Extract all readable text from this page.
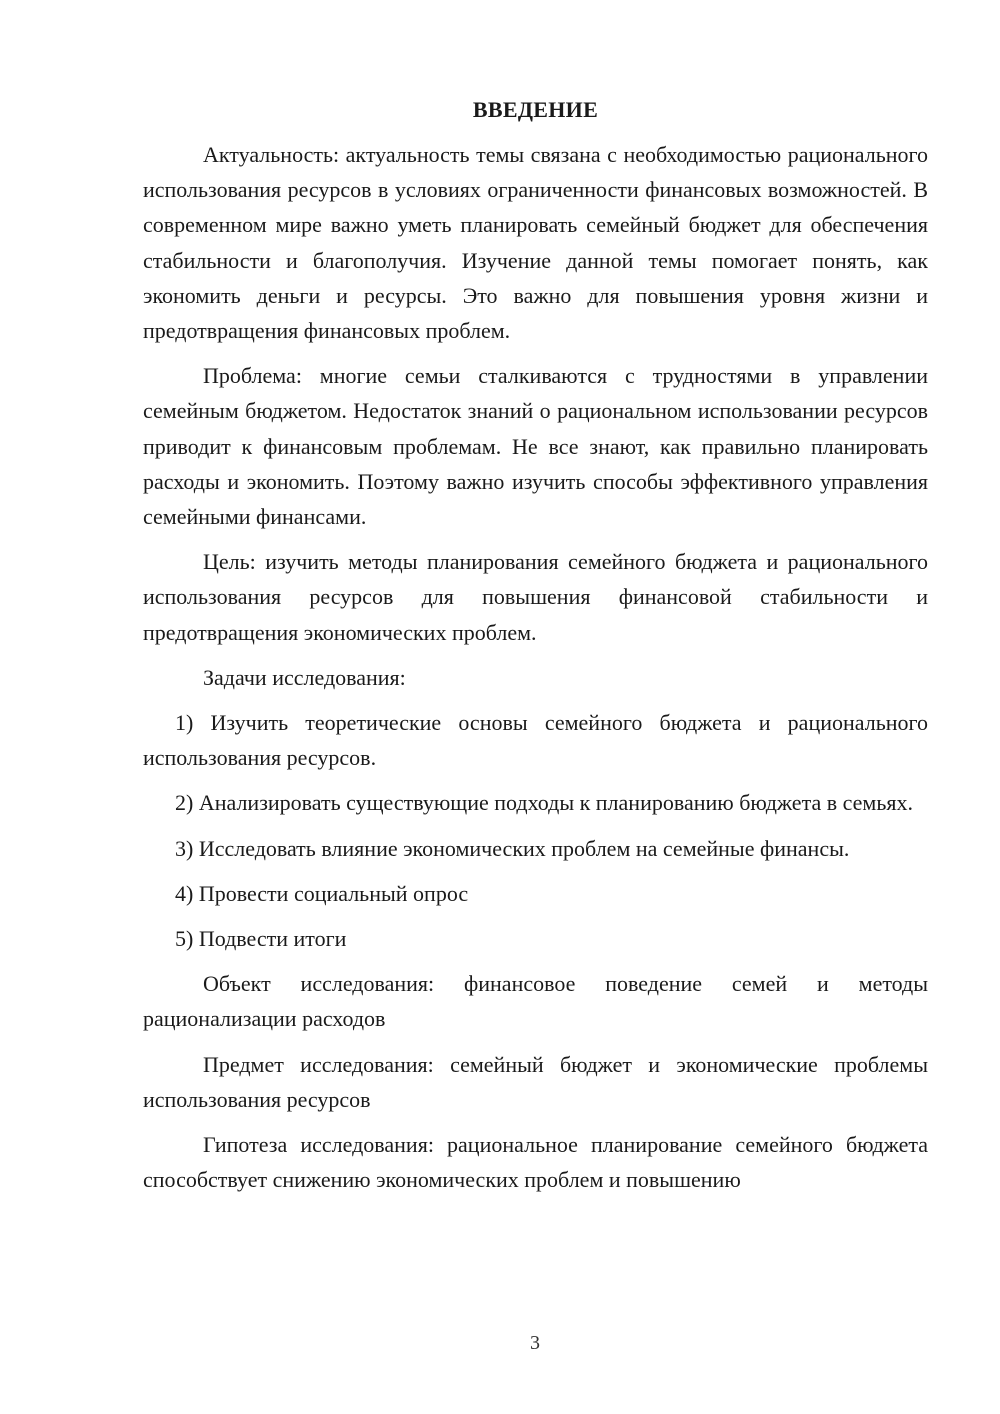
ВВЕДЕНИЕ

Актуальность: актуальность темы связана с необходимостью рационального использования ресурсов в условиях ограниченности финансовых возможностей. В современном мире важно уметь планировать семейный бюджет для обеспечения стабильности и благополучия. Изучение данной темы помогает понять, как экономить деньги и ресурсы. Это важно для повышения уровня жизни и предотвращения финансовых проблем.

Проблема: многие семьи сталкиваются с трудностями в управлении семейным бюджетом. Недостаток знаний о рациональном использовании ресурсов приводит к финансовым проблемам. Не все знают, как правильно планировать расходы и экономить. Поэтому важно изучить способы эффективного управления семейными финансами.

Цель: изучить методы планирования семейного бюджета и рационального использования ресурсов для повышения финансовой стабильности и предотвращения экономических проблем.

Задачи исследования:

1) Изучить теоретические основы семейного бюджета и рационального использования ресурсов.

2) Анализировать существующие подходы к планированию бюджета в семьях.

3) Исследовать влияние экономических проблем на семейные финансы.

4) Провести социальный опрос

5) Подвести итоги

Объект исследования: финансовое поведение семей и методы рационализации расходов

Предмет исследования: семейный бюджет и экономические проблемы использования ресурсов

Гипотеза исследования: рациональное планирование семейного бюджета способствует снижению экономических проблем и повышению

3
